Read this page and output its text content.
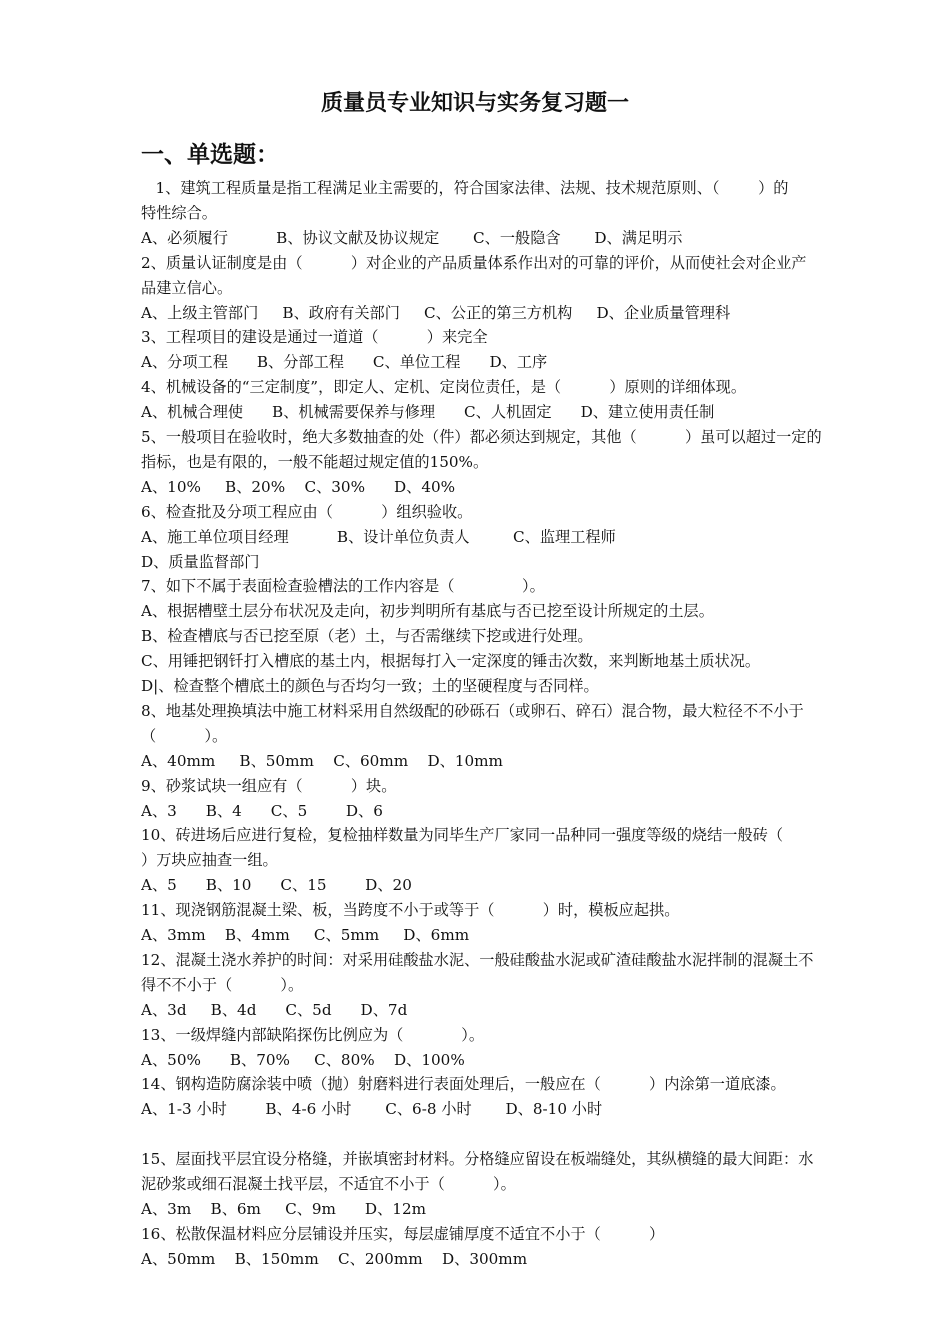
质量员专业知识与实务复习题一
一、单选题：
1、建筑工程质量是指工程满足业主需要的，符合国家法律、法规、技术规范原则、（        ）的
特性综合。
A、必须履行          B、协议文献及协议规定       C、一般隐含       D、满足明示
2、质量认证制度是由（          ）对企业的产品质量体系作出对的可靠的评价，从而使社会对企业产
品建立信心。
A、上级主管部门     B、政府有关部门     C、公正的第三方机构     D、企业质量管理科
3、工程项目的建设是通过一道道（          ）来完全
A、分项工程      B、分部工程      C、单位工程      D、工序
4、机械设备的“三定制度”，即定人、定机、定岗位责任，是（          ）原则的详细体现。
A、机械合理使      B、机械需要保养与修理      C、人机固定      D、建立使用责任制
5、一般项目在验收时，绝大多数抽查的处（件）都必须达到规定，其他（          ）虽可以超过一定的
指标，也是有限的，一般不能超过规定值的150%。
A、10%     B、20%    C、30%      D、40%
6、检查批及分项工程应由（          ）组织验收。
A、施工单位项目经理          B、设计单位负责人         C、监理工程师
D、质量监督部门
7、如下不属于表面检查验槽法的工作内容是（              ）。
A、根据槽壁土层分布状况及走向，初步判明所有基底与否已挖至设计所规定的土层。
B、检查槽底与否已挖至原（老）土，与否需继续下挖或进行处理。
C、用锤把钢钎打入槽底的基土内，根据每打入一定深度的锤击次数，来判断地基土质状况。
D|、检查整个槽底土的颜色与否均匀一致；土的坚硬程度与否同样。
8、地基处理换填法中施工材料采用自然级配的砂砾石（或卵石、碎石）混合物，最大粒径不不小于
（          ）。
A、40mm     B、50mm    C、60mm    D、10mm
9、砂浆试块一组应有（          ）块。
A、3      B、4      C、5        D、6
10、砖进场后应进行复检，复检抽样数量为同毕生产厂家同一品种同一强度等级的烧结一般砖（
）万块应抽查一组。
A、5      B、10      C、15        D、20
11、现浇钢筋混凝土梁、板，当跨度不小于或等于（          ）时，模板应起拱。
A、3mm    B、4mm     C、5mm     D、6mm
12、混凝土浇水养护的时间：对采用硅酸盐水泥、一般硅酸盐水泥或矿渣硅酸盐水泥拌制的混凝土不
得不不小于（          ）。
A、3d     B、4d      C、5d      D、7d
13、一级焊缝内部缺陷探伤比例应为（            ）。
A、50%      B、70%     C、80%    D、100%
14、钢构造防腐涂装中喷（抛）射磨料进行表面处理后，一般应在（          ）内涂第一道底漆。
A、1-3 小时        B、4-6 小时       C、6-8 小时       D、8-10 小时
15、屋面找平层宜设分格缝，并嵌填密封材料。分格缝应留设在板端缝处，其纵横缝的最大间距：水
泥砂浆或细石混凝土找平层，不适宜不小于（          ）。
A、3m    B、6m     C、9m      D、12m
16、松散保温材料应分层铺设并压实，每层虚铺厚度不适宜不小于（          ）
A、50mm    B、150mm    C、200mm    D、300mm
